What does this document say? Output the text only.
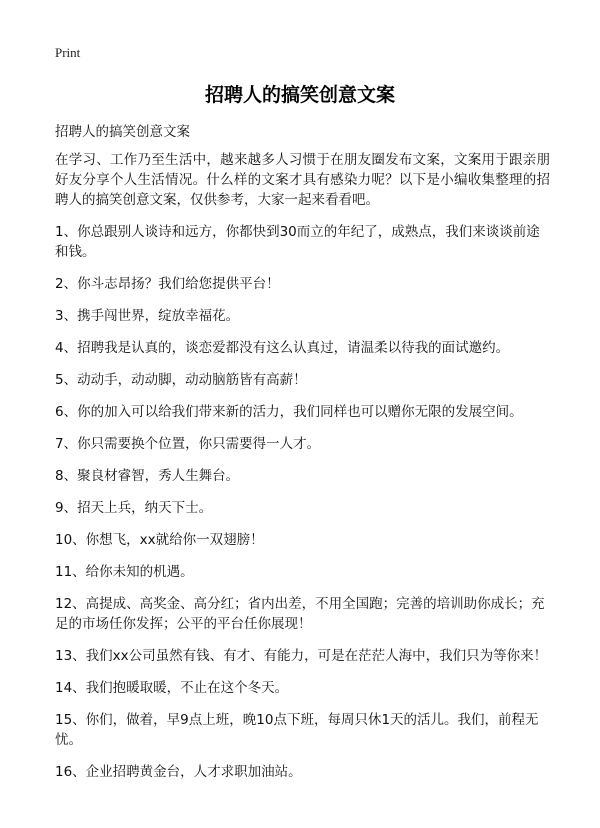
Print
招聘人的搞笑创意文案
招聘人的搞笑创意文案

在学习、工作乃至生活中，越来越多人习惯于在朋友圈发布文案，文案用于跟亲朋好友分享个人生活情况。什么样的文案才具有感染力呢？以下是小编收集整理的招聘人的搞笑创意文案，仅供参考，大家一起来看看吧。

1、你总跟别人谈诗和远方，你都快到30而立的年纪了，成熟点，我们来谈谈前途和钱。
2、你斗志昂扬？我们给您提供平台！
3、携手闯世界，绽放幸福花。
4、招聘我是认真的，谈恋爱都没有这么认真过，请温柔以待我的面试邀约。
5、动动手，动动脚，动动脑筋皆有高薪！
6、你的加入可以给我们带来新的活力，我们同样也可以赠你无限的发展空间。
7、你只需要换个位置，你只需要得一人才。
8、聚良材睿智，秀人生舞台。
9、招天上兵，纳天下士。
10、你想飞，xx就给你一双翅膀！
11、给你未知的机遇。
12、高提成、高奖金、高分红；省内出差，不用全国跑；完善的培训助你成长；充足的市场任你发挥；公平的平台任你展现！
13、我们xx公司虽然有钱、有才、有能力，可是在茫茫人海中，我们只为等你来！
14、我们抱暖取暖，不止在这个冬天。
15、你们，做着，早9点上班，晚10点下班，每周只休1天的活儿。我们，前程无忧。
16、企业招聘黄金台，人才求职加油站。
